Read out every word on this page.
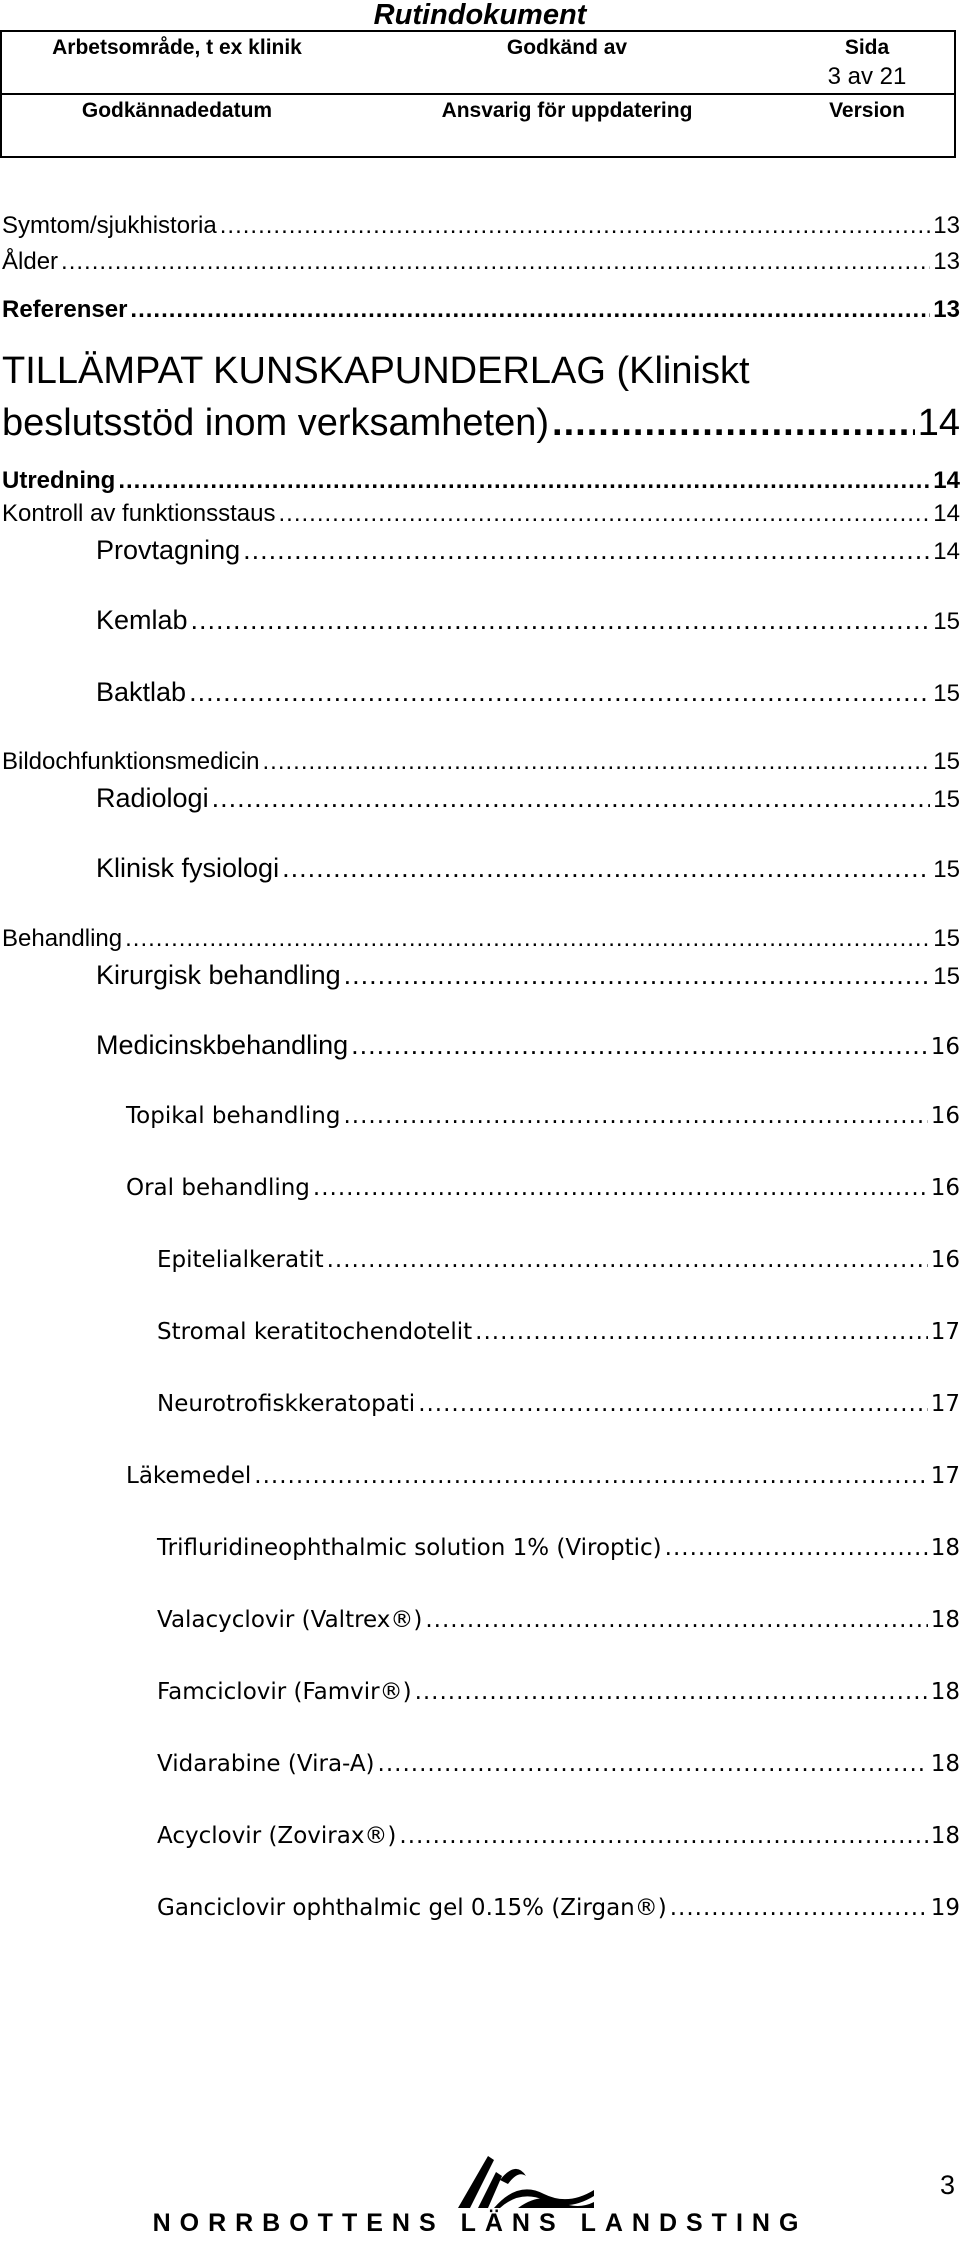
Rutindokument
Arbetsområde, t ex klinik	Godkänd av	Sida
3 av 21
Godkännadedatum	Ansvarig för uppdatering	Version
Symtom/sjukhistoria .....	13
Ålder .....	13
Referenser .....	13
TILLÄMPAT KUNSKAPUNDERLAG (Kliniskt
beslutsstöd inom verksamheten) .....	14
Utredning .....	14
Kontroll av funktionsstaus .....	14
Provtagning .....	14
Kemlab .....	15
Baktlab .....	15
Bildochfunktionsmedicin .....	15
Radiologi .....	15
Klinisk fysiologi .....	15
Behandling .....	15
Kirurgisk behandling .....	15
Medicinskbehandling .....	16
Topikal behandling .....	16
Oral behandling .....	16
Epitelialkeratit .....	16
Stromal keratitochendotelit .....	17
Neurotrofiskkeratopati .....	17
Läkemedel .....	17
Trifluridineophthalmic solution 1% (Viroptic) .....	18
Valacyclovir (Valtrex®) .....	18
Famciclovir (Famvir®) .....	18
Vidarabine (Vira-A) .....	18
Acyclovir (Zovirax®) .....	18
Ganciclovir ophthalmic gel 0.15% (Zirgan®) .....	19
NORRBOTTENS LÄNS LANDSTING
3
